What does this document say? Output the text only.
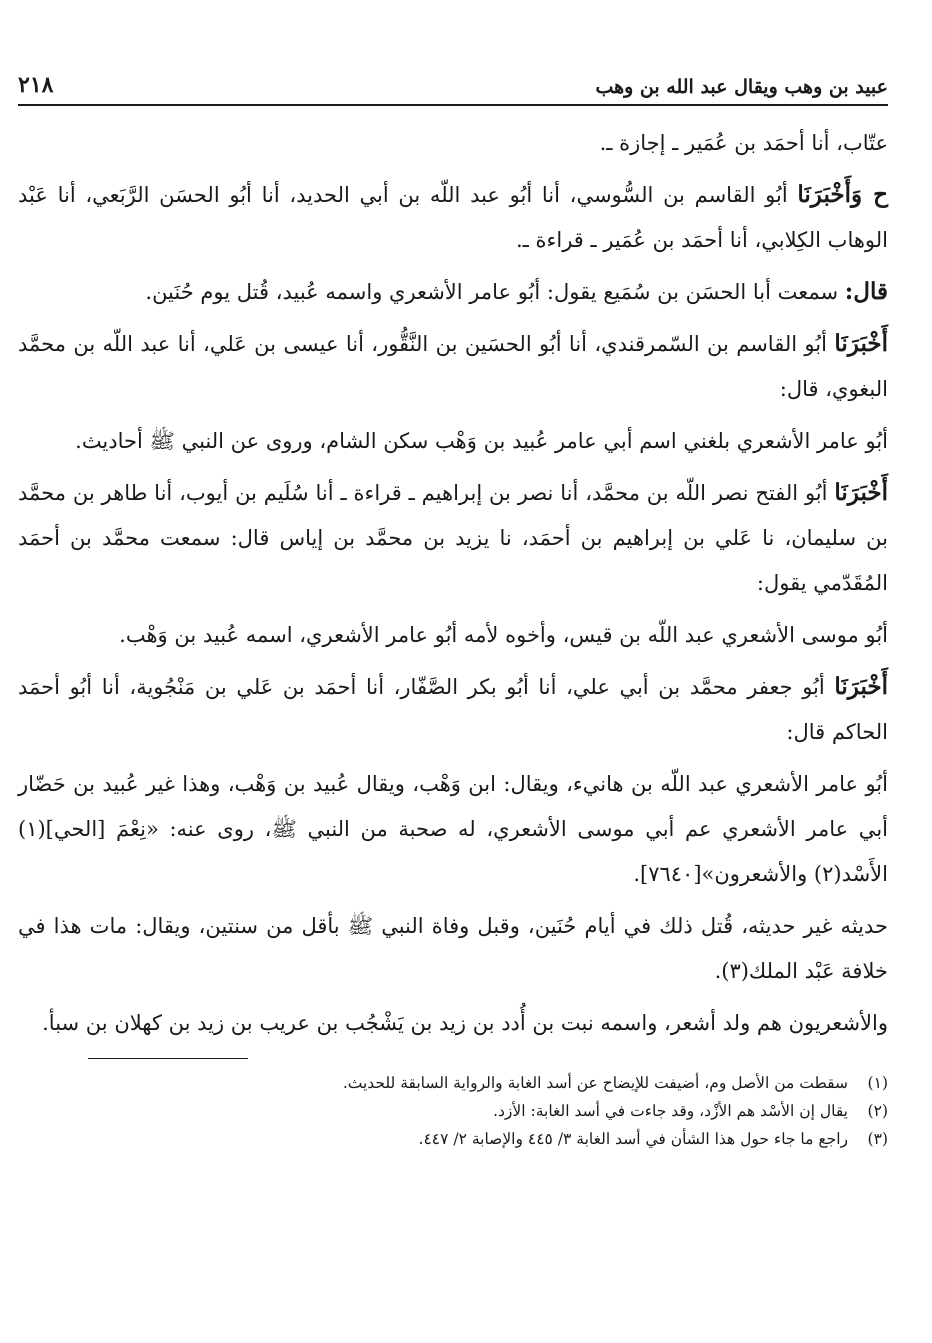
عبيد بن وهب ويقال عبد الله بن وهب
٢١٨

عتّاب، أنا أحمَد بن عُمَير ـ إجازة ـ.

ح وَأَخْبَرَنَا أبُو القاسم بن السُّوسي، أنا أبُو عبد اللّه بن أبي الحديد، أنا أبُو الحسَن الرَّبَعي، أنا عَبْد الوهاب الكِلابي، أنا أحمَد بن عُمَير ـ قراءة ـ.

قال: سمعت أبا الحسَن بن سُمَيع يقول: أبُو عامر الأشعري واسمه عُبيد، قُتل يوم حُنَين.

أَخْبَرَنَا أبُو القاسم بن السّمرقندي، أنا أبُو الحسَين بن النَّقُّور، أنا عيسى بن عَلي، أنا عبد اللّه بن محمَّد البغوي، قال:

أبُو عامر الأشعري بلغني اسم أبي عامر عُبيد بن وَهْب سكن الشام، وروى عن النبي ﷺ أحاديث.

أَخْبَرَنَا أبُو الفتح نصر اللّه بن محمَّد، أنا نصر بن إبراهيم ـ قراءة ـ أنا سُلَيم بن أيوب، أنا طاهر بن محمَّد بن سليمان، نا عَلي بن إبراهيم بن أحمَد، نا يزيد بن محمَّد بن إياس قال: سمعت محمَّد بن أحمَد المُقَدّمي يقول:

أبُو موسى الأشعري عبد اللّه بن قيس، وأخوه لأمه أبُو عامر الأشعري، اسمه عُبيد بن وَهْب.

أَخْبَرَنَا أبُو جعفر محمَّد بن أبي علي، أنا أبُو بكر الصَّفّار، أنا أحمَد بن عَلي بن مَنْجُوية، أنا أبُو أحمَد الحاكم قال:

أبُو عامر الأشعري عبد اللّه بن هانيء، ويقال: ابن وَهْب، ويقال عُبيد بن وَهْب، وهذا غير عُبيد بن حَضّار أبي عامر الأشعري عم أبي موسى الأشعري، له صحبة من النبي ﷺ، روى عنه: «نِعْمَ [الحي](١) الأَسْد(٢) والأشعرون»[٧٦٤٠].

حديثه غير حديثه، قُتل ذلك في أيام حُنَين، وقبل وفاة النبي ﷺ بأقل من سنتين، ويقال: مات هذا في خلافة عَبْد الملك(٣).

والأشعريون هم ولد أشعر، واسمه نبت بن أُدد بن زيد بن يَشْجُب بن عريب بن زيد بن كهلان بن سبأ.

(١)
سقطت من الأصل وم، أضيفت للإيضاح عن أسد الغابة والرواية السابقة للحديث.
(٢)
يقال إن الأسْد هم الأزْد، وقد جاءت في أسد الغابة: الأزد.
(٣)
راجع ما جاء حول هذا الشأن في أسد الغابة ٣/ ٤٤٥ والإصابة ٢/ ٤٤٧.
